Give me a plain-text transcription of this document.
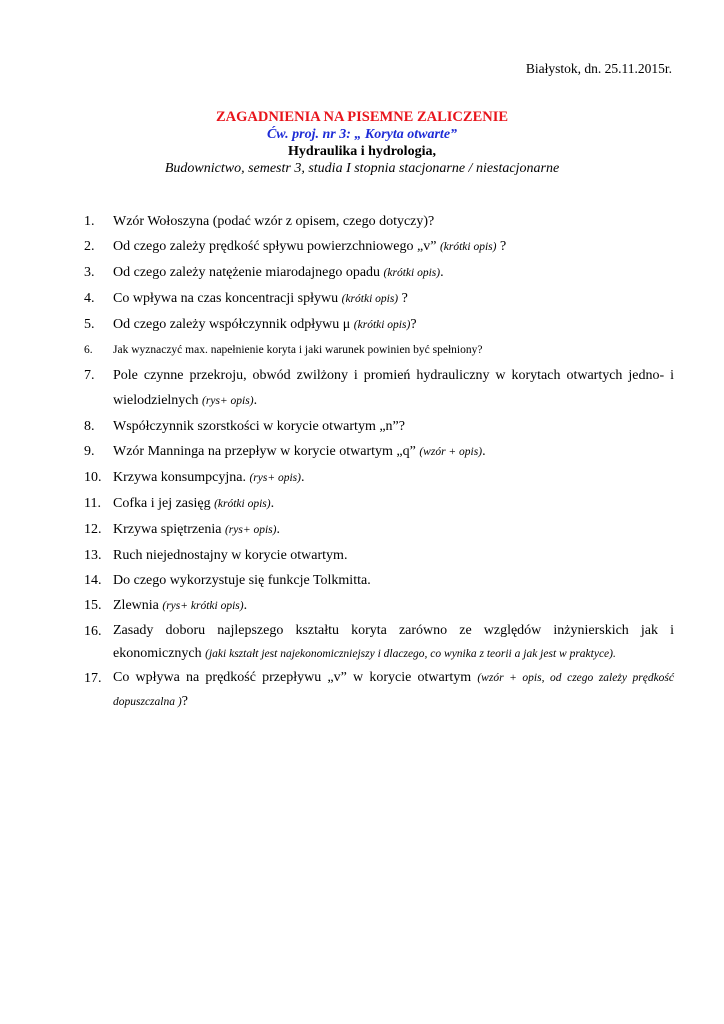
Białystok, dn. 25.11.2015r.
ZAGADNIENIA NA PISEMNE ZALICZENIE
Ćw. proj. nr 3: „ Koryta otwarte”
Hydraulika i hydrologia,
Budownictwo, semestr 3, studia I stopnia stacjonarne / niestacjonarne
1.	Wzór Wołoszyna (podać wzór z opisem, czego dotyczy)?
2.	Od czego zależy prędkość spływu powierzchniowego „v” (krótki opis) ?
3.	Od czego zależy natężenie miarodajnego opadu (krótki opis).
4.	Co wpływa na czas koncentracji spływu (krótki opis) ?
5.	Od czego zależy współczynnik odpływu μ (krótki opis)?
6.	Jak wyznaczyć max. napełnienie koryta i jaki warunek powinien być spełniony?
7.	Pole czynne przekroju, obwód zwilżony i promień hydrauliczny w korytach otwartych jedno- i wielodzielnych (rys+ opis).
8.	Współczynnik szorstkości w korycie otwartym „n”?
9.	Wzór Manninga na przepływ w korycie otwartym „q” (wzór + opis).
10. Krzywa konsumpcyjna. (rys+ opis).
11. Cofka i jej zasięg (krótki opis).
12. Krzywa spiętrzenia (rys+ opis).
13. Ruch niejednostajny w korycie otwartym.
14. Do czego wykorzystuje się funkcje Tolkmitta.
15. Zlewnia (rys+ krótki opis).
16. Zasady doboru najlepszego kształtu koryta zarówno ze względów inżynierskich jak i ekonomicznych (jaki kształt jest najekonomiczniejszy i dlaczego, co wynika z teorii a jak jest w praktyce).
17. Co wpływa na prędkość przepływu „v” w korycie otwartym (wzór + opis, od czego zależy prędkość dopuszczalna )?
